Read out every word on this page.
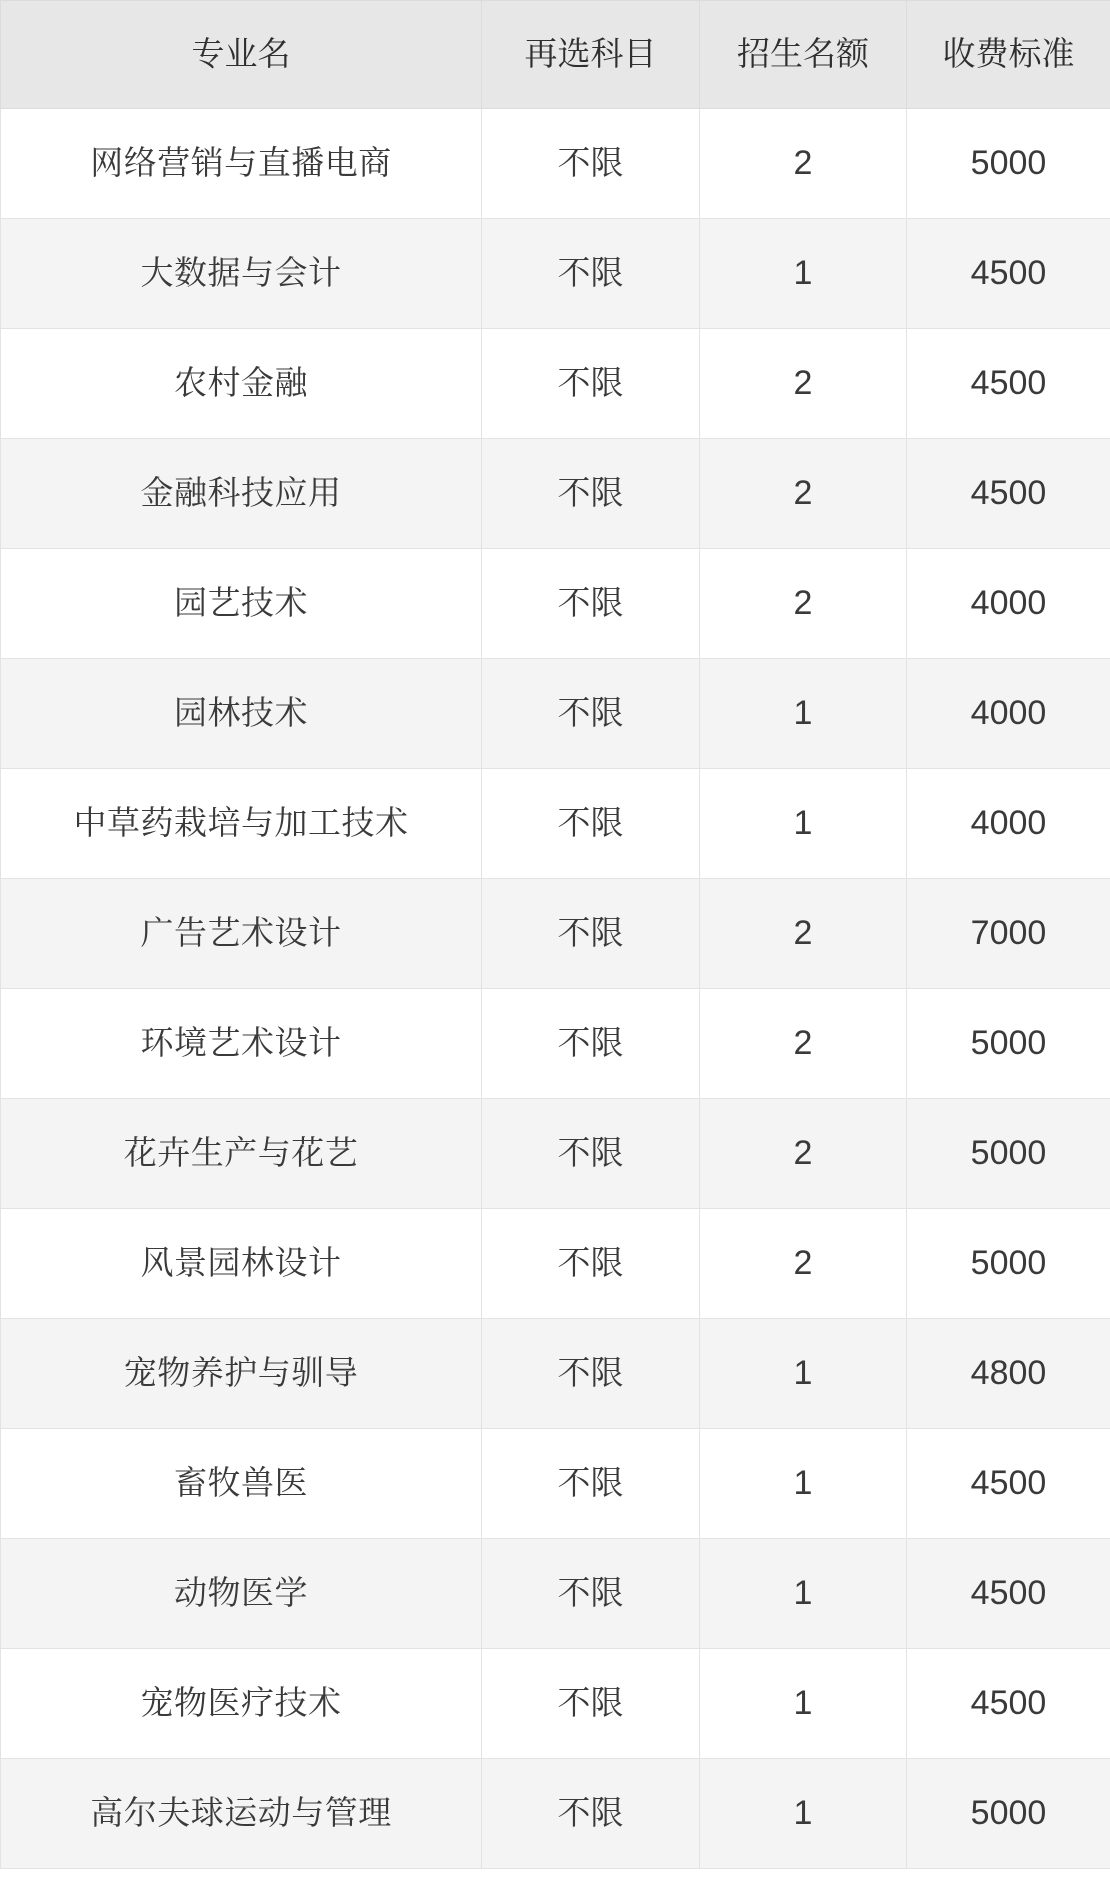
专业名	再选科目	招生名额	收费标准
网络营销与直播电商	不限	2	5000
大数据与会计	不限	1	4500
农村金融	不限	2	4500
金融科技应用	不限	2	4500
园艺技术	不限	2	4000
园林技术	不限	1	4000
中草药栽培与加工技术	不限	1	4000
广告艺术设计	不限	2	7000
环境艺术设计	不限	2	5000
花卉生产与花艺	不限	2	5000
风景园林设计	不限	2	5000
宠物养护与驯导	不限	1	4800
畜牧兽医	不限	1	4500
动物医学	不限	1	4500
宠物医疗技术	不限	1	4500
高尔夫球运动与管理	不限	1	5000
